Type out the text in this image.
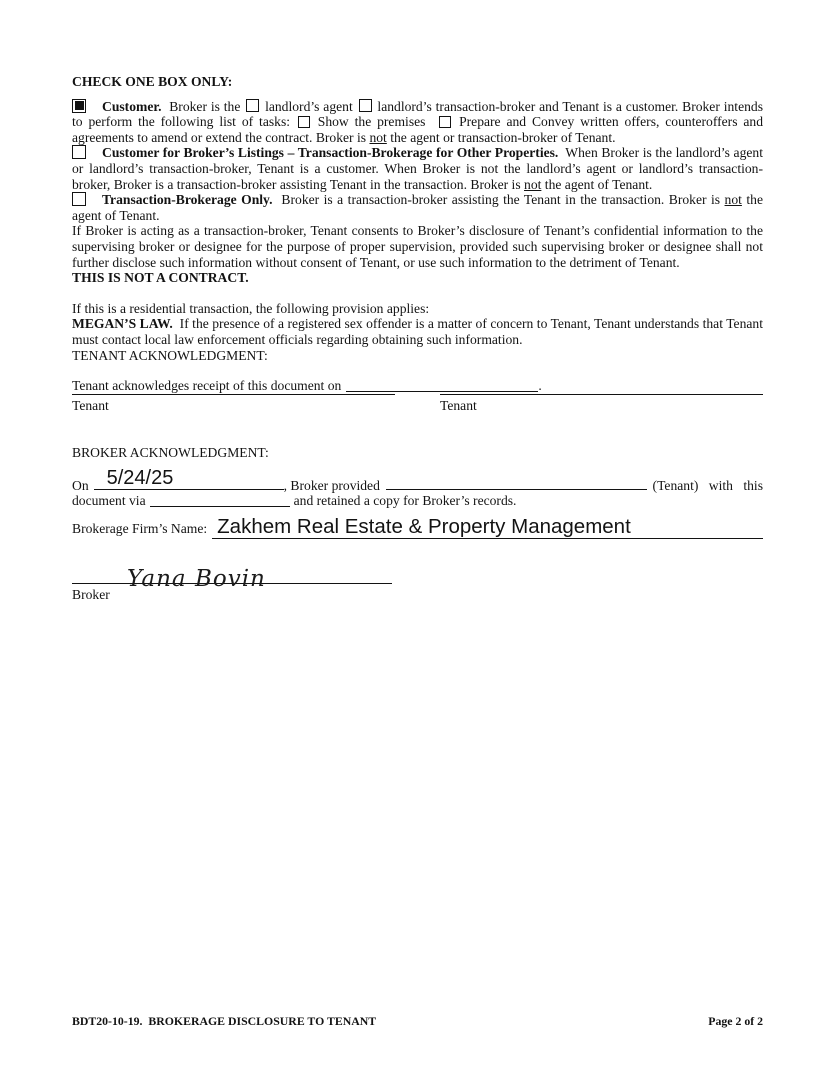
CHECK ONE BOX ONLY:

Customer.  Broker is the  landlord’s agent  landlord’s transaction-broker and Tenant is a customer. Broker intends to perform the following list of tasks:  Show the premises   Prepare and Convey written offers, counteroffers and agreements to amend or extend the contract. Broker is not the agent or transaction-broker of Tenant.

Customer for Broker’s Listings – Transaction-Brokerage for Other Properties.  When Broker is the landlord’s agent or landlord’s transaction-broker, Tenant is a customer. When Broker is not the landlord’s agent or landlord’s transaction-broker, Broker is a transaction-broker assisting Tenant in the transaction. Broker is not the agent of Tenant.

Transaction-Brokerage Only.  Broker is a transaction-broker assisting the Tenant in the transaction. Broker is not the agent of Tenant.

If Broker is acting as a transaction-broker, Tenant consents to Broker’s disclosure of Tenant’s confidential information to the supervising broker or designee for the purpose of proper supervision, provided such supervising broker or designee shall not further disclose such information without consent of Tenant, or use such information to the detriment of Tenant.

THIS IS NOT A CONTRACT.

If this is a residential transaction, the following provision applies:

MEGAN’S LAW.  If the presence of a registered sex offender is a matter of concern to Tenant, Tenant understands that Tenant must contact local law enforcement officials regarding obtaining such information.

TENANT ACKNOWLEDGMENT:

Tenant acknowledges receipt of this document on	.

Tenant	Tenant
BROKER ACKNOWLEDGMENT:
On 5/24/25	, Broker provided	(Tenant) with this
document via	and retained a copy for Broker’s records.
Brokerage Firm’s Name: Zakhem Real Estate & Property Management
Yana Bovin
Broker
BDT20-10-19.  BROKERAGE DISCLOSURE TO TENANT	Page 2 of 2
